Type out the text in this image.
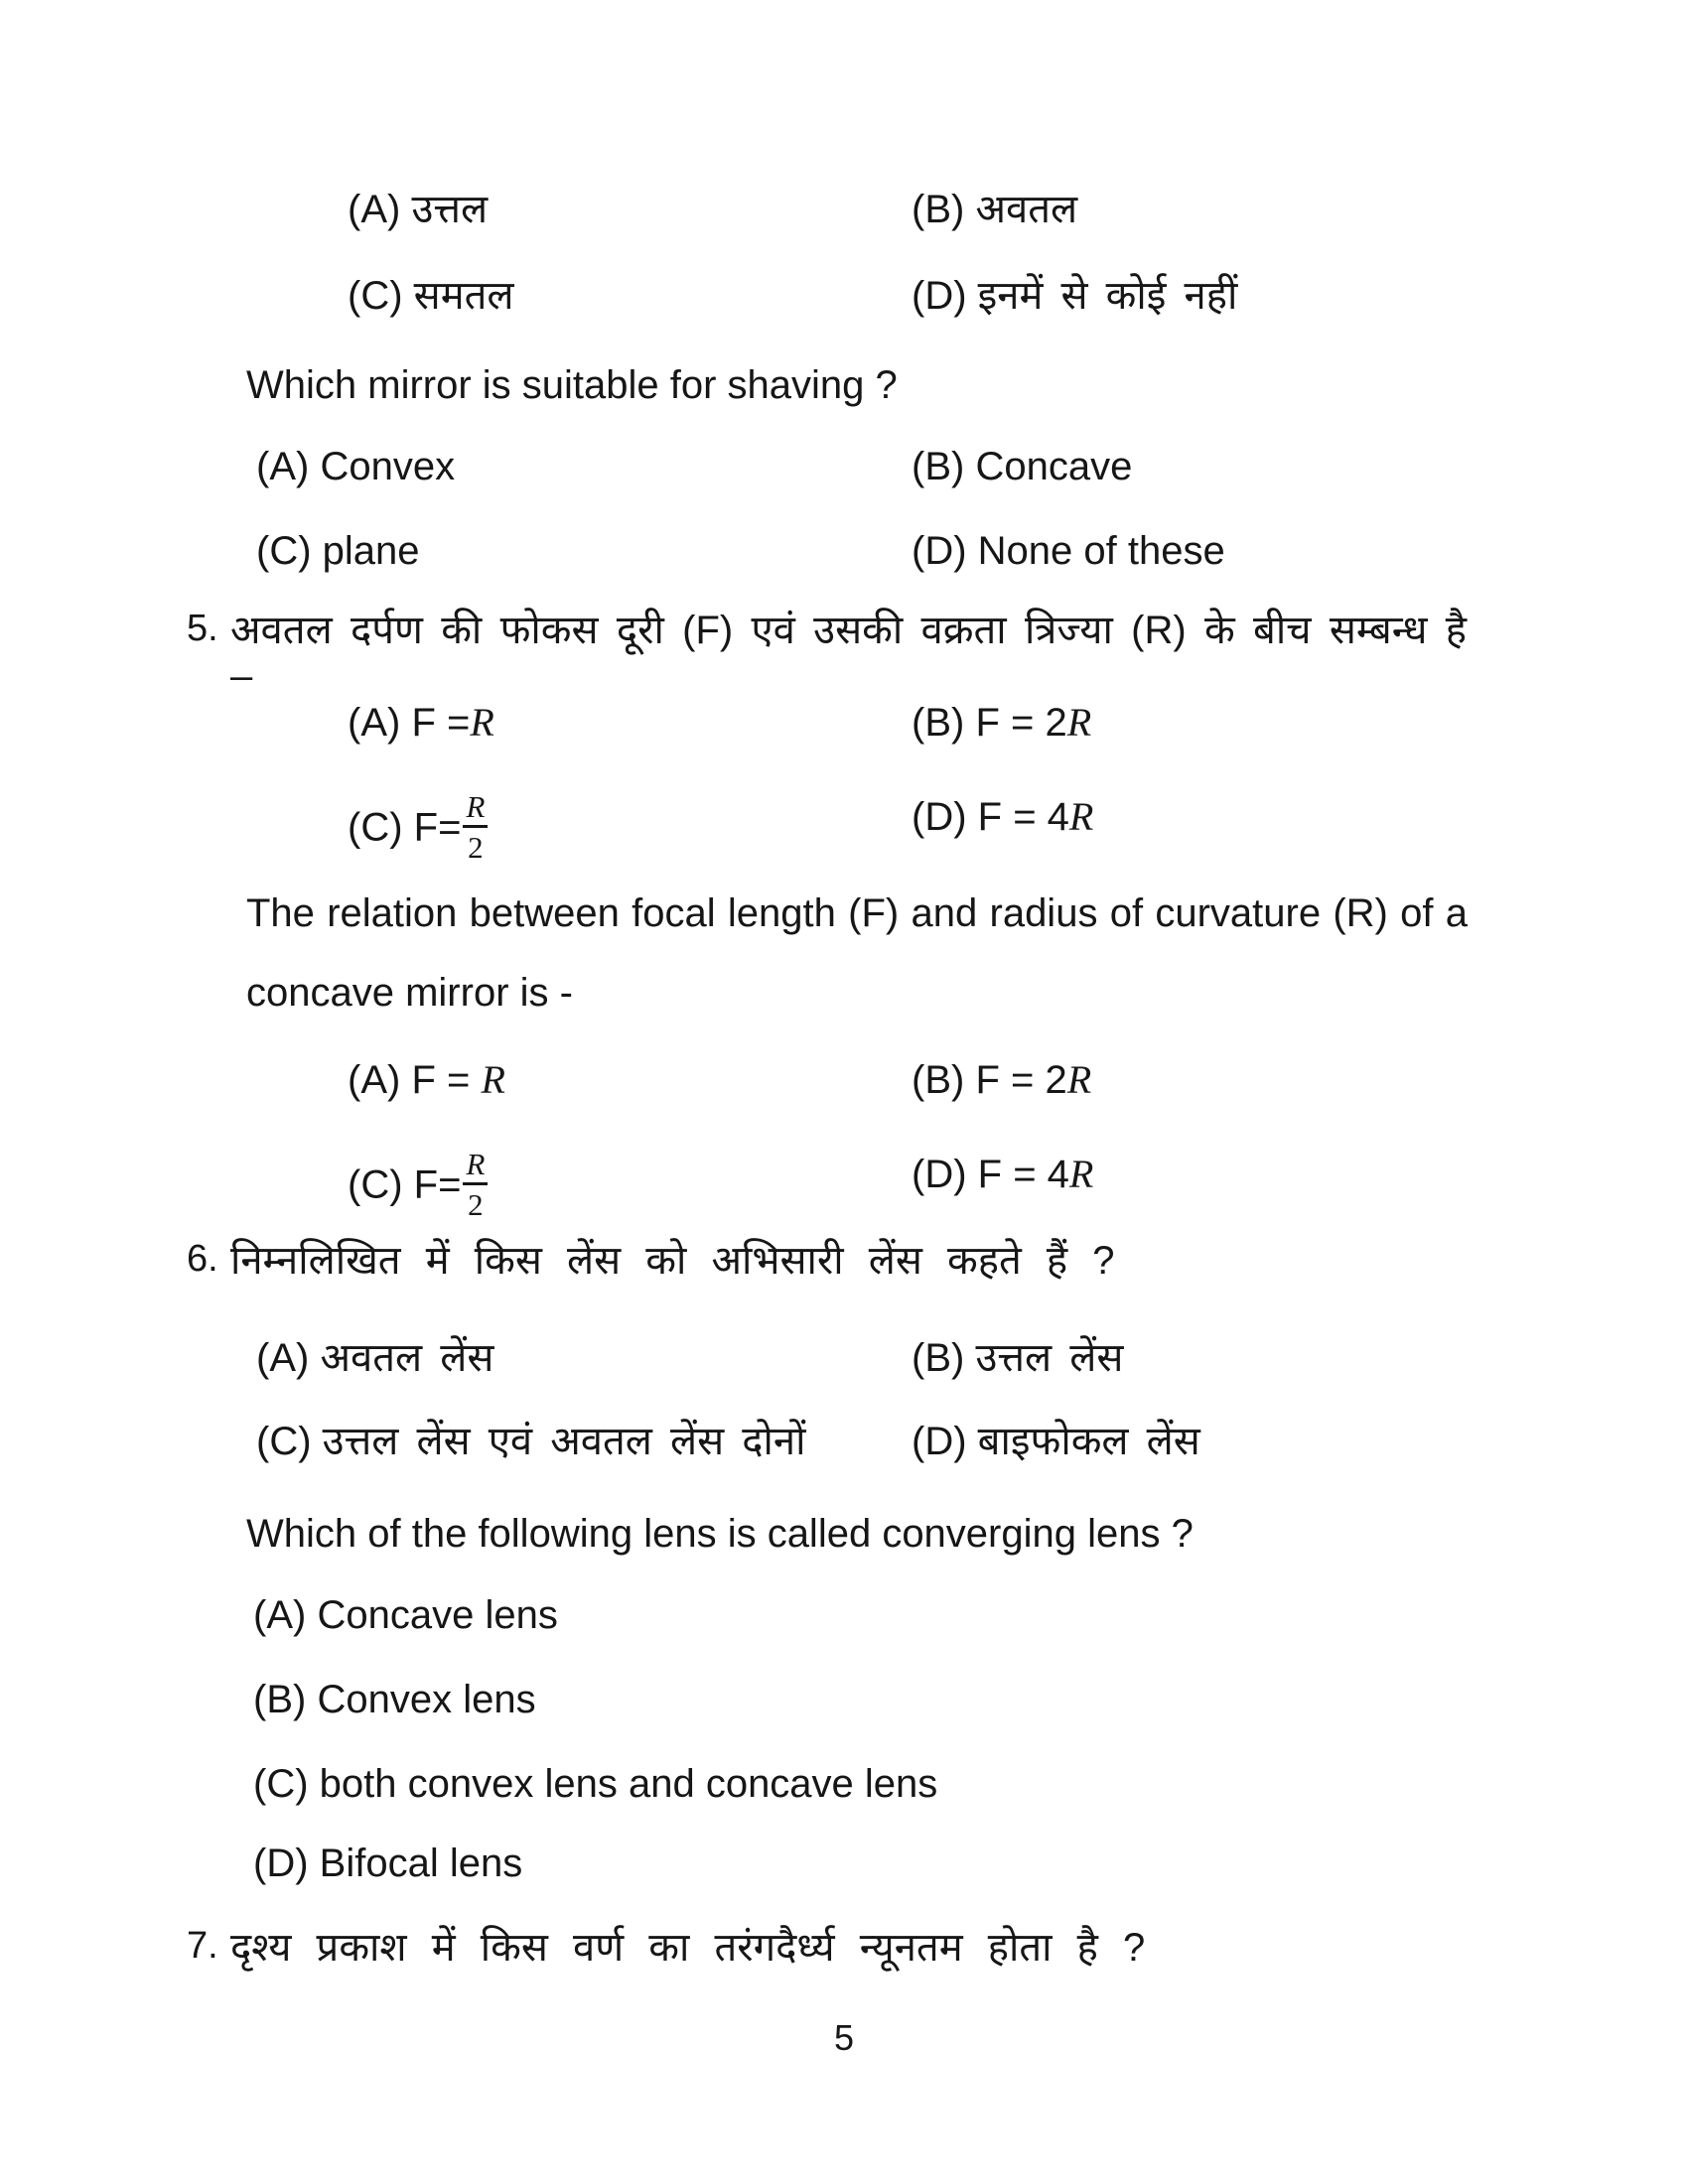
(A) उत्तल	(B) अवतल
(C) समतल	(D) इनमें से कोई नहीं
Which mirror is suitable for shaving ?
(A) Convex	(B) Concave
(C) plane	(D) None of these
5. अवतल दर्पण की फोकस दूरी (F) एवं उसकी वक्रता त्रिज्या (R) के बीच सम्बन्ध है –
(A) F =R	(B) F = 2R
(C) $F= \frac{R}{2}$	(D) F = 4R
The relation between focal length (F) and radius of curvature (R) of a
concave mirror is -
(A) F = R	(B) F = 2R
(C) $F= \frac{R}{2}$	(D) F = 4R
6. निम्नलिखित में किस लेंस को अभिसारी लेंस कहते हैं ?
(A) अवतल लेंस	(B) उत्तल लेंस
(C) उत्तल लेंस एवं अवतल लेंस दोनों	(D) बाइफोकल लेंस
Which of the following lens is called converging lens ?
(A) Concave lens
(B) Convex lens
(C) both convex lens and concave lens
(D) Bifocal lens
7. दृश्य प्रकाश में किस वर्ण का तरंगदैर्ध्य न्यूनतम होता है ?
5
